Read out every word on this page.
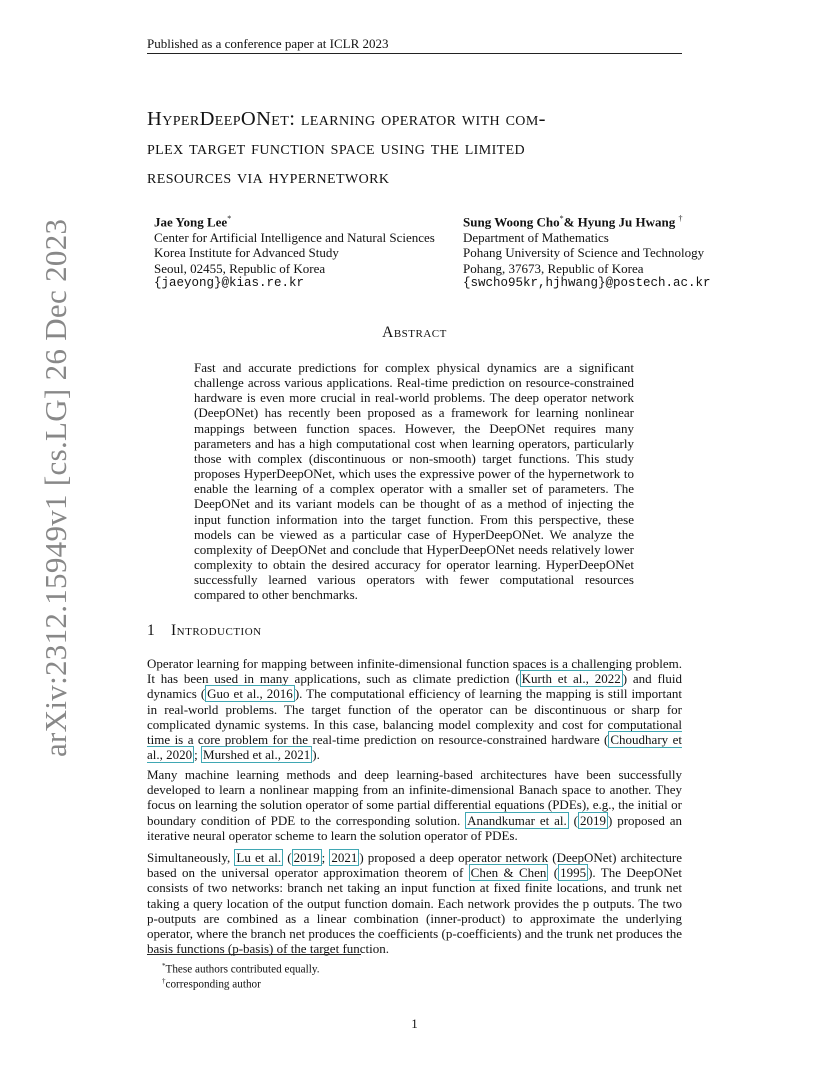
Published as a conference paper at ICLR 2023
HyperDeepONet: learning operator with com-
plex target function space using the limited
resources via hypernetwork
Jae Yong Lee*
Center for Artificial Intelligence and Natural Sciences
Korea Institute for Advanced Study
Seoul, 02455, Republic of Korea
{jaeyong}@kias.re.kr
Sung Woong Cho*& Hyung Ju Hwang †
Department of Mathematics
Pohang University of Science and Technology
Pohang, 37673, Republic of Korea
{swcho95kr,hjhwang}@postech.ac.kr
arXiv:2312.15949v1 [cs.LG] 26 Dec 2023	Abstract
Fast and accurate predictions for complex physical dynamics are a significant challenge across various applications. Real-time prediction on resource-constrained hardware is even more crucial in real-world problems. The deep operator network (DeepONet) has recently been proposed as a framework for learning nonlinear mappings between function spaces. However, the DeepONet requires many parameters and has a high computational cost when learning operators, particularly those with complex (discontinuous or non-smooth) target functions. This study proposes HyperDeepONet, which uses the expressive power of the hypernetwork to enable the learning of a complex operator with a smaller set of parameters. The DeepONet and its variant models can be thought of as a method of injecting the input function information into the target function. From this perspective, these models can be viewed as a particular case of HyperDeepONet. We analyze the complexity of DeepONet and conclude that HyperDeepONet needs relatively lower complexity to obtain the desired accuracy for operator learning. HyperDeepONet successfully learned various operators with fewer computational resources compared to other benchmarks.
1 Introduction

Operator learning for mapping between infinite-dimensional function spaces is a challenging problem. It has been used in many applications, such as climate prediction ( Kurth et al., 2022 ) and fluid dynamics ( Guo et al., 2016 ). The computational efficiency of learning the mapping is still important in real-world problems. The target function of the operator can be discontinuous or sharp for complicated dynamic systems. In this case, balancing model complexity and cost for computational time is a core problem for the real-time prediction on resource-constrained hardware ( Choudhary et al., 2020 ; Murshed et al., 2021 ).

Many machine learning methods and deep learning-based architectures have been successfully developed to learn a nonlinear mapping from an infinite-dimensional Banach space to another. They focus on learning the solution operator of some partial differential equations (PDEs), e.g., the initial or boundary condition of PDE to the corresponding solution. Anandkumar et al. ( 2019 ) proposed an iterative neural operator scheme to learn the solution operator of PDEs.

Simultaneously, Lu et al. ( 2019 ; 2021 ) proposed a deep operator network (DeepONet) architecture based on the universal operator approximation theorem of Chen & Chen ( 1995 ). The DeepONet consists of two networks: branch net taking an input function at fixed finite locations, and trunk net taking a query location of the output function domain. Each network provides the p outputs. The two p-outputs are combined as a linear combination (inner-product) to approximate the underlying operator, where the branch net produces the coefficients (p-coefficients) and the trunk net produces the basis functions (p-basis) of the target function.

*These authors contributed equally.
†corresponding author
1
